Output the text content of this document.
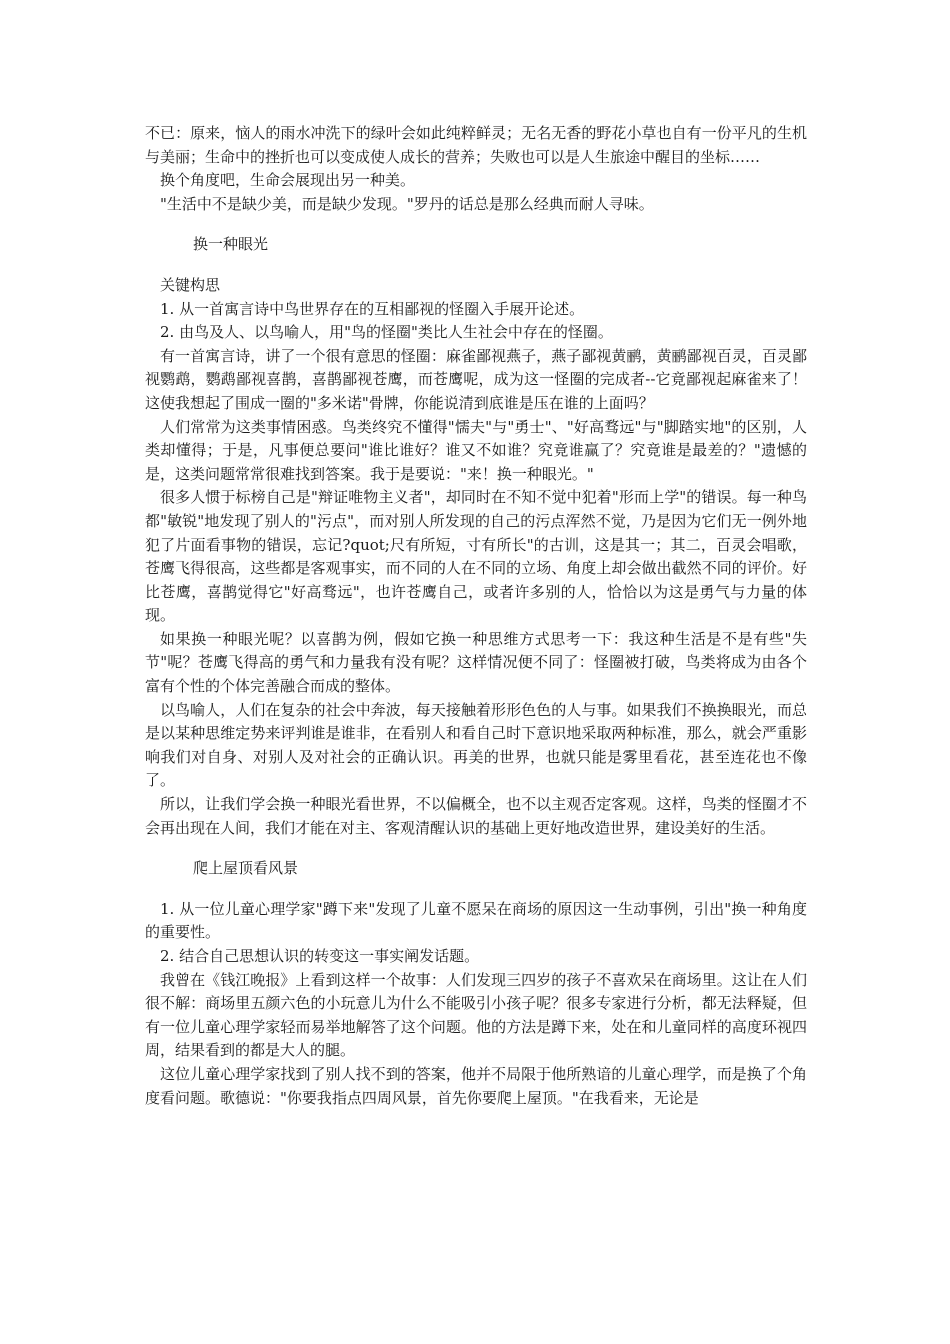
不已：原来，恼人的雨水冲洗下的绿叶会如此纯粹鲜灵；无名无香的野花小草也自有一份平凡的生机与美丽；生命中的挫折也可以变成使人成长的营养；失败也可以是人生旅途中醒目的坐标……

换个角度吧，生命会展现出另一种美。

"生活中不是缺少美，而是缺少发现。"罗丹的话总是那么经典而耐人寻味。

换一种眼光

关键构思

1. 从一首寓言诗中鸟世界存在的互相鄙视的怪圈入手展开论述。

2. 由鸟及人、以鸟喻人，用"鸟的怪圈"类比人生社会中存在的怪圈。

有一首寓言诗，讲了一个很有意思的怪圈：麻雀鄙视燕子，燕子鄙视黄鹂，黄鹂鄙视百灵，百灵鄙视鹦鹉，鹦鹉鄙视喜鹊，喜鹊鄙视苍鹰，而苍鹰呢，成为这一怪圈的完成者--它竟鄙视起麻雀来了！这使我想起了围成一圈的"多米诺"骨牌，你能说清到底谁是压在谁的上面吗？

人们常常为这类事情困惑。鸟类终究不懂得"懦夫"与"勇士"、"好高骛远"与"脚踏实地"的区别，人类却懂得；于是，凡事便总要问"谁比谁好？谁又不如谁？究竟谁赢了？究竟谁是最差的？"遗憾的是，这类问题常常很难找到答案。我于是要说："来！换一种眼光。"

很多人惯于标榜自己是"辩证唯物主义者"，却同时在不知不觉中犯着"形而上学"的错误。每一种鸟都"敏锐"地发现了别人的"污点"，而对别人所发现的自己的污点浑然不觉，乃是因为它们无一例外地犯了片面看事物的错误，忘记?quot;尺有所短，寸有所长"的古训，这是其一；其二，百灵会唱歌，苍鹰飞得很高，这些都是客观事实，而不同的人在不同的立场、角度上却会做出截然不同的评价。好比苍鹰，喜鹊觉得它"好高骛远"，也许苍鹰自己，或者许多别的人，恰恰以为这是勇气与力量的体现。

如果换一种眼光呢？以喜鹊为例，假如它换一种思维方式思考一下：我这种生活是不是有些"失节"呢？苍鹰飞得高的勇气和力量我有没有呢？这样情况便不同了：怪圈被打破，鸟类将成为由各个富有个性的个体完善融合而成的整体。

以鸟喻人，人们在复杂的社会中奔波，每天接触着形形色色的人与事。如果我们不换换眼光，而总是以某种思维定势来评判谁是谁非，在看别人和看自己时下意识地采取两种标准，那么，就会严重影响我们对自身、对别人及对社会的正确认识。再美的世界，也就只能是雾里看花，甚至连花也不像了。

所以，让我们学会换一种眼光看世界，不以偏概全，也不以主观否定客观。这样，鸟类的怪圈才不会再出现在人间，我们才能在对主、客观清醒认识的基础上更好地改造世界，建设美好的生活。

爬上屋顶看风景

1. 从一位儿童心理学家"蹲下来"发现了儿童不愿呆在商场的原因这一生动事例，引出"换一种角度的重要性。

2. 结合自己思想认识的转变这一事实阐发话题。

我曾在《钱江晚报》上看到这样一个故事：人们发现三四岁的孩子不喜欢呆在商场里。这让在人们很不解：商场里五颜六色的小玩意儿为什么不能吸引小孩子呢？很多专家进行分析，都无法释疑，但有一位儿童心理学家轻而易举地解答了这个问题。他的方法是蹲下来，处在和儿童同样的高度环视四周，结果看到的都是大人的腿。

这位儿童心理学家找到了别人找不到的答案，他并不局限于他所熟谙的儿童心理学，而是换了个角度看问题。歌德说："你要我指点四周风景，首先你要爬上屋顶。"在我看来，无论是
